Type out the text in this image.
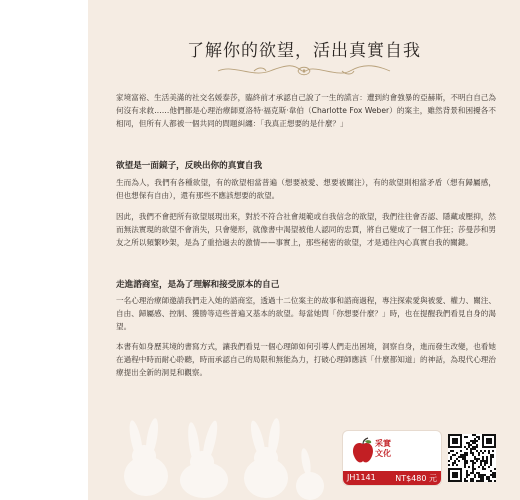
了解你的欲望，活出真實自我

家境富裕、生活美滿的社交名媛泰莎，臨終前才承認自己說了一生的謊言：遭到約會強暴的亞赫斯，不明白自己為何沒有求救……他們都是心理治療師夏洛特·福克斯·韋伯（Charlotte Fox Weber）的案主，雖然背景和困擾各不相同，但所有人都被一個共同的問題糾纏：「我真正想要的是什麼？」

欲望是一面鏡子，反映出你的真實自我

生而為人，我們有各種欲望，有的欲望相當普遍（想要被愛、想要被關注），有的欲望則相當矛盾（想有歸屬感，但也想保有自由），還有那些不應該想要的欲望。

因此，我們不會把所有欲望展現出來，對於不符合社會規範或自我信念的欲望，我們往往會否認、隱藏或壓抑，然而無法實現的欲望不會消失，只會變形，就像書中渴望被他人認同的忠賈，將自己變成了一個工作狂；莎曼莎和男友之所以頻繁吵架，是為了重拾過去的激情——事實上，那些秘密的欲望，才是通往內心真實自我的關鍵。

走進諮商室，是為了理解和接受原本的自己

一名心理治療師邀請我們走入她的諮商室，透過十二位案主的故事和諮商過程，專注探索愛與被愛、權力、關注、自由、歸屬感、控制、獲勝等這些普遍又基本的欲望。每當她問「你想要什麼？」時，也在提醒我們看見自身的渴望。

本書有如身歷其境的書寫方式，讓我們看見一個心理師如何引導人們走出困境，洞察自身，進而發生改變，也看她在過程中時而耐心聆聽，時而承認自己的局限和無能為力，打破心理師應該「什麼都知道」的神話，為現代心理治療提出全新的洞見和觀察。

采實
文化
JH1141 NT$480 元
